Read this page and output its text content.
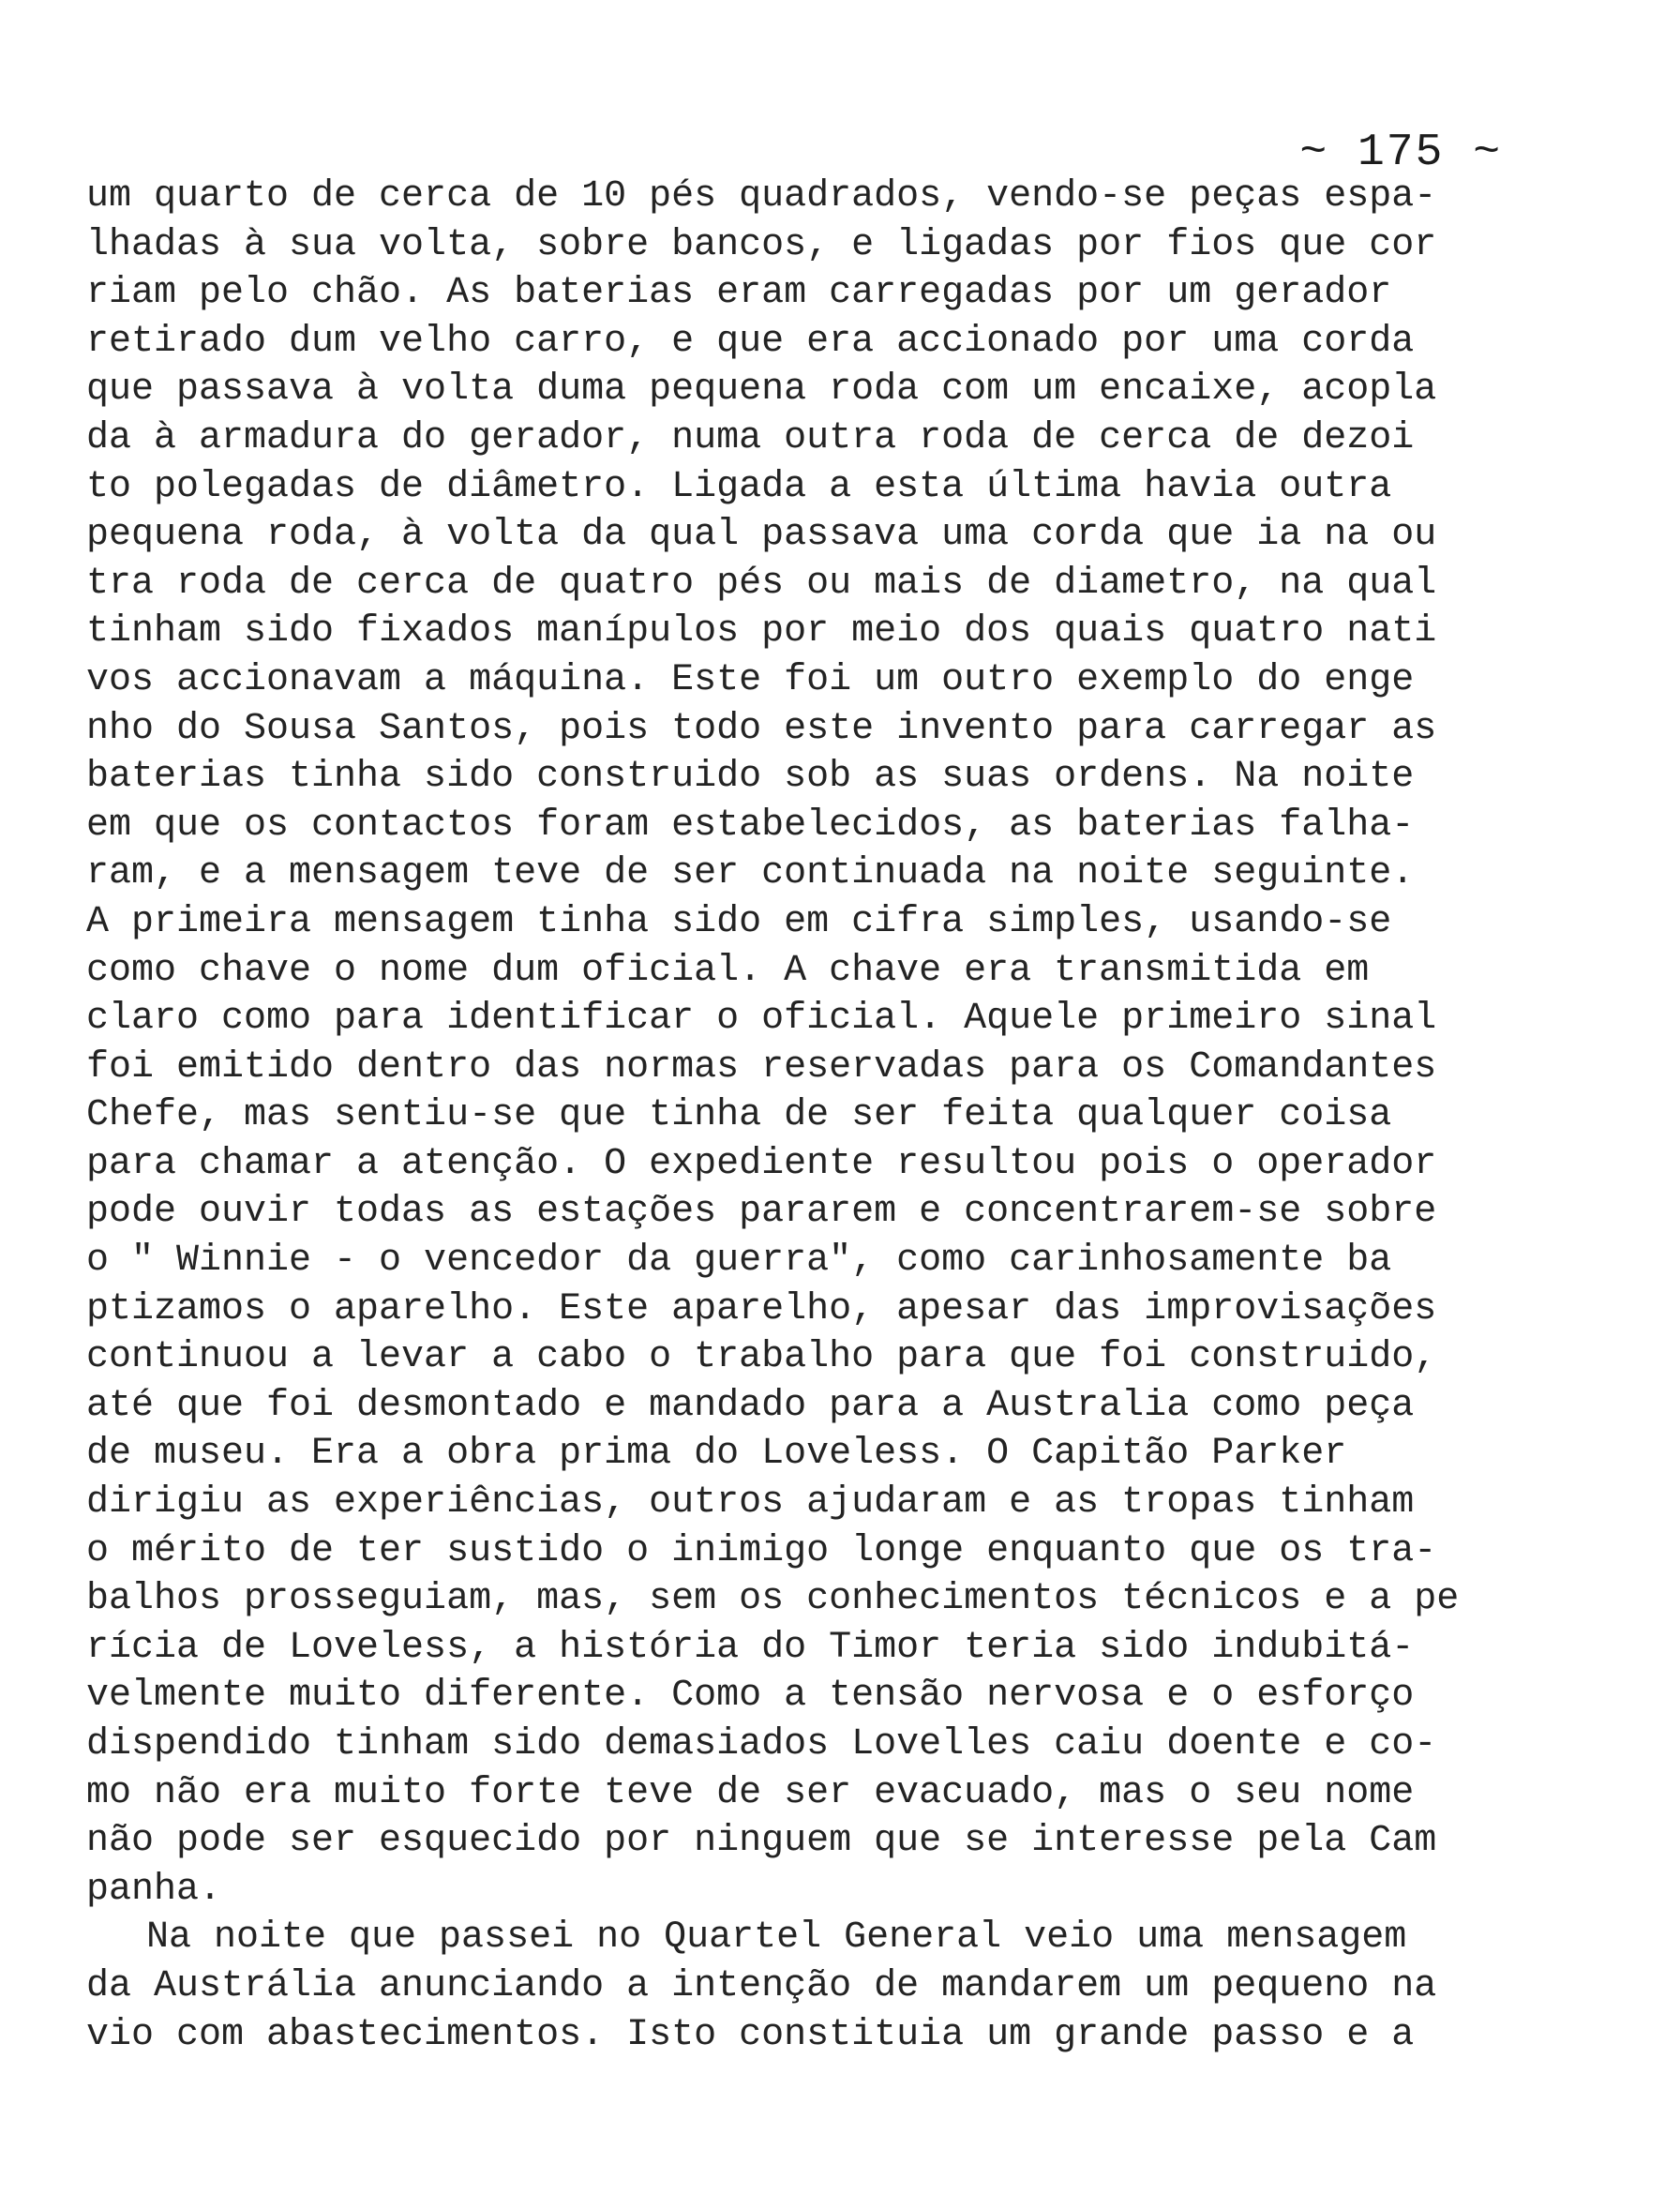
~ 175 ~
um quarto de cerca de 10 pés quadrados, vendo-se peças espa-
lhadas à sua volta, sobre bancos, e ligadas por fios que cor
riam pelo chão. As baterias eram carregadas por um gerador
retirado dum velho carro, e que era accionado por uma corda
que passava à volta duma pequena roda com um encaixe, acopla
da à armadura do gerador, numa outra roda de cerca de dezoi
to polegadas de diâmetro. Ligada a esta última havia outra
pequena roda, à volta da qual passava uma corda que ia na ou
tra roda de cerca de quatro pés ou mais de diametro, na qual
tinham sido fixados manípulos por meio dos quais quatro nati
vos accionavam a máquina. Este foi um outro exemplo do enge
nho do Sousa Santos, pois todo este invento para carregar as
baterias tinha sido construido sob as suas ordens. Na noite
em que os contactos foram estabelecidos, as baterias falha-
ram, e a mensagem teve de ser continuada na noite seguinte.
A primeira mensagem tinha sido em cifra simples, usando-se
como chave o nome dum oficial. A chave era transmitida em
claro como para identificar o oficial. Aquele primeiro sinal
foi emitido dentro das normas reservadas para os Comandantes
Chefe, mas sentiu-se que tinha de ser feita qualquer coisa
para chamar a atenção. O expediente resultou pois o operador
pode ouvir todas as estações pararem e concentrarem-se sobre
o " Winnie - o vencedor da guerra", como carinhosamente ba
ptizamos o aparelho. Este aparelho, apesar das improvisações
continuou a levar a cabo o trabalho para que foi construido,
até que foi desmontado e mandado para a Australia como peça
de museu. Era a obra prima do Loveless. O Capitão Parker
dirigiu as experiências, outros ajudaram e as tropas tinham
o mérito de ter sustido o inimigo longe enquanto que os tra-
balhos prosseguiam, mas, sem os conhecimentos técnicos e a pe
rícia de Loveless, a história do Timor teria sido indubitá-
velmente muito diferente. Como a tensão nervosa e o esforço
dispendido tinham sido demasiados Lovelles caiu doente e co-
mo não era muito forte teve de ser evacuado, mas o seu nome
não pode ser esquecido por ninguem que se interesse pela Cam
panha.
Na noite que passei no Quartel General veio uma mensagem
da Austrália anunciando a intenção de mandarem um pequeno na
vio com abastecimentos. Isto constituia um grande passo e a
